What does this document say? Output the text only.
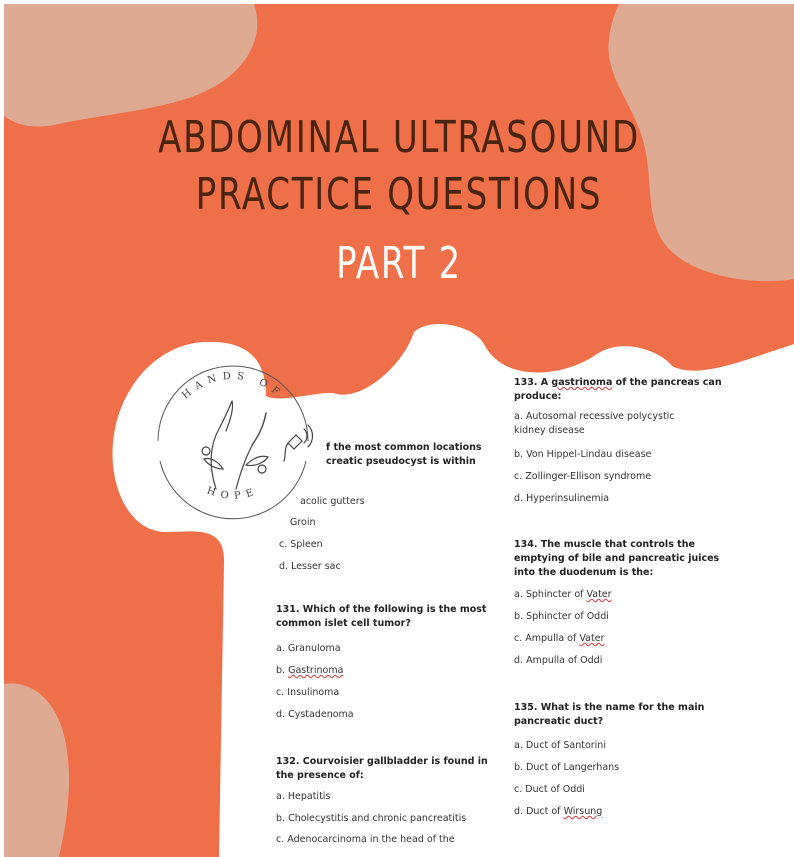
ABDOMINAL ULTRASOUND
PRACTICE QUESTIONS
PART 2
HANDS OF
HOPE
f the most common locations
creatic pseudocyst is within
acolic gutters
Groin
c. Spleen
d. Lesser sac
131. Which of the following is the most
common islet cell tumor?
a. Granuloma
b. Gastrinoma
c. Insulinoma
d. Cystadenoma
132. Courvoisier gallbladder is found in
the presence of:
a. Hepatitis
b. Cholecystitis and chronic pancreatitis
c. Adenocarcinoma in the head of the
133. A gastrinoma of the pancreas can
produce:
a. Autosomal recessive polycystic
kidney disease
b. Von Hippel-Lindau disease
c. Zollinger-Ellison syndrome
d. Hyperinsulinemia
134. The muscle that controls the
emptying of bile and pancreatic juices
into the duodenum is the:
a. Sphincter of Vater
b. Sphincter of Oddi
c. Ampulla of Vater
d. Ampulla of Oddi
135. What is the name for the main
pancreatic duct?
a. Duct of Santorini
b. Duct of Langerhans
c. Duct of Oddi
d. Duct of Wirsung
